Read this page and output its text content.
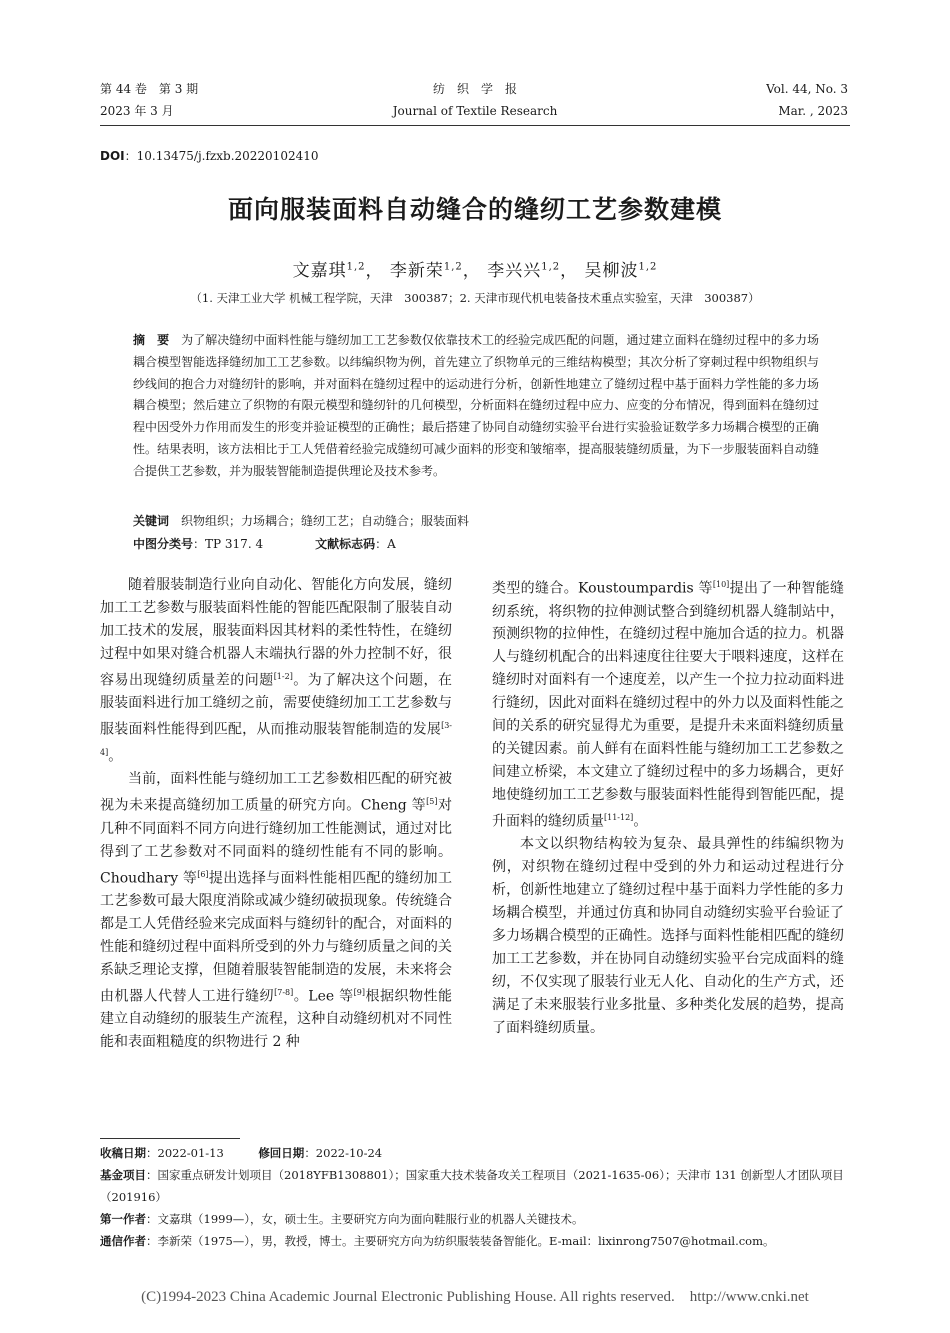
第 44 卷　第 3 期
2023 年 3 月
纺　织　学　报
Journal of Textile Research
Vol. 44, No. 3
Mar. , 2023
DOI：10.13475/j.fzxb.20220102410
面向服装面料自动缝合的缝纫工艺参数建模
文嘉琪$^{1,2}$， 李新荣$^{1,2}$， 李兴兴$^{1,2}$， 吴柳波$^{1,2}$
（1. 天津工业大学 机械工程学院，天津　300387；2. 天津市现代机电装备技术重点实验室，天津　300387）
摘　要　 为了解决缝纫中面料性能与缝纫加工工艺参数仅依靠技术工的经验完成匹配的问题，通过建立面料在缝纫过程中的多力场耦合模型智能选择缝纫加工工艺参数。以纬编织物为例，首先建立了织物单元的三维结构模型；其次分析了穿刺过程中织物组织与纱线间的抱合力对缝纫针的影响，并对面料在缝纫过程中的运动进行分析，创新性地建立了缝纫过程中基于面料力学性能的多力场耦合模型；然后建立了织物的有限元模型和缝纫针的几何模型，分析面料在缝纫过程中应力、应变的分布情况，得到面料在缝纫过程中因受外力作用而发生的形变并验证模型的正确性；最后搭建了协同自动缝纫实验平台进行实验验证数学多力场耦合模型的正确性。结果表明，该方法相比于工人凭借着经验完成缝纫可减少面料的形变和皱缩率，提高服装缝纫质量，为下一步服装面料自动缝合提供工艺参数，并为服装智能制造提供理论及技术参考。
关键词　 织物组织；力场耦合；缝纫工艺；自动缝合；服装面料
中图分类号：TP 317. 4	文献标志码：A

随着服装制造行业向自动化、智能化方向发展，缝纫加工工艺参数与服装面料性能的智能匹配限制了服装自动加工技术的发展，服装面料因其材料的柔性特性，在缝纫过程中如果对缝合机器人末端执行器的外力控制不好，很容易出现缝纫质量差的问题[1-2]。为了解决这个问题，在服装面料进行加工缝纫之前，需要使缝纫加工工艺参数与服装面料性能得到匹配，从而推动服装智能制造的发展[3-4]。

当前，面料性能与缝纫加工工艺参数相匹配的研究被视为未来提高缝纫加工质量的研究方向。Cheng 等[5]对几种不同面料不同方向进行缝纫加工性能测试，通过对比得到了工艺参数对不同面料的缝纫性能有不同的影响。Choudhary 等[6]提出选择与面料性能相匹配的缝纫加工工艺参数可最大限度消除或减少缝纫破损现象。传统缝合都是工人凭借经验来完成面料与缝纫针的配合，对面料的性能和缝纫过程中面料所受到的外力与缝纫质量之间的关系缺乏理论支撑，但随着服装智能制造的发展，未来将会由机器人代替人工进行缝纫[7-8]。Lee 等[9]根据织物性能建立自动缝纫的服装生产流程，这种自动缝纫机对不同性能和表面粗糙度的织物进行 2 种

类型的缝合。Koustoumpardis 等[10]提出了一种智能缝纫系统，将织物的拉伸测试整合到缝纫机器人缝制站中，预测织物的拉伸性，在缝纫过程中施加合适的拉力。机器人与缝纫机配合的出料速度往往要大于喂料速度，这样在缝纫时对面料有一个速度差，以产生一个拉力拉动面料进行缝纫，因此对面料在缝纫过程中的外力以及面料性能之间的关系的研究显得尤为重要，是提升未来面料缝纫质量的关键因素。前人鲜有在面料性能与缝纫加工工艺参数之间建立桥梁，本文建立了缝纫过程中的多力场耦合，更好地使缝纫加工工艺参数与服装面料性能得到智能匹配，提升面料的缝纫质量[11-12]。

本文以织物结构较为复杂、最具弹性的纬编织物为例，对织物在缝纫过程中受到的外力和运动过程进行分析，创新性地建立了缝纫过程中基于面料力学性能的多力场耦合模型，并通过仿真和协同自动缝纫实验平台验证了多力场耦合模型的正确性。选择与面料性能相匹配的缝纫加工工艺参数，并在协同自动缝纫实验平台完成面料的缝纫，不仅实现了服装行业无人化、自动化的生产方式，还满足了未来服装行业多批量、多种类化发展的趋势，提高了面料缝纫质量。

收稿日期：2022-01-13　　　	修回日期：2022-10-24
基金项目：国家重点研发计划项目（2018YFB1308801）；国家重大技术装备攻关工程项目（2021-1635-06）；天津市 131 创新型人才团队项目（201916）
第一作者：文嘉琪（1999—），女，硕士生。主要研究方向为面向鞋服行业的机器人关键技术。
通信作者：李新荣（1975—），男，教授，博士。主要研究方向为纺织服装装备智能化。E-mail：lixinrong7507@hotmail.com。
(C)1994-2023 China Academic Journal Electronic Publishing House. All rights reserved.　http://www.cnki.net
